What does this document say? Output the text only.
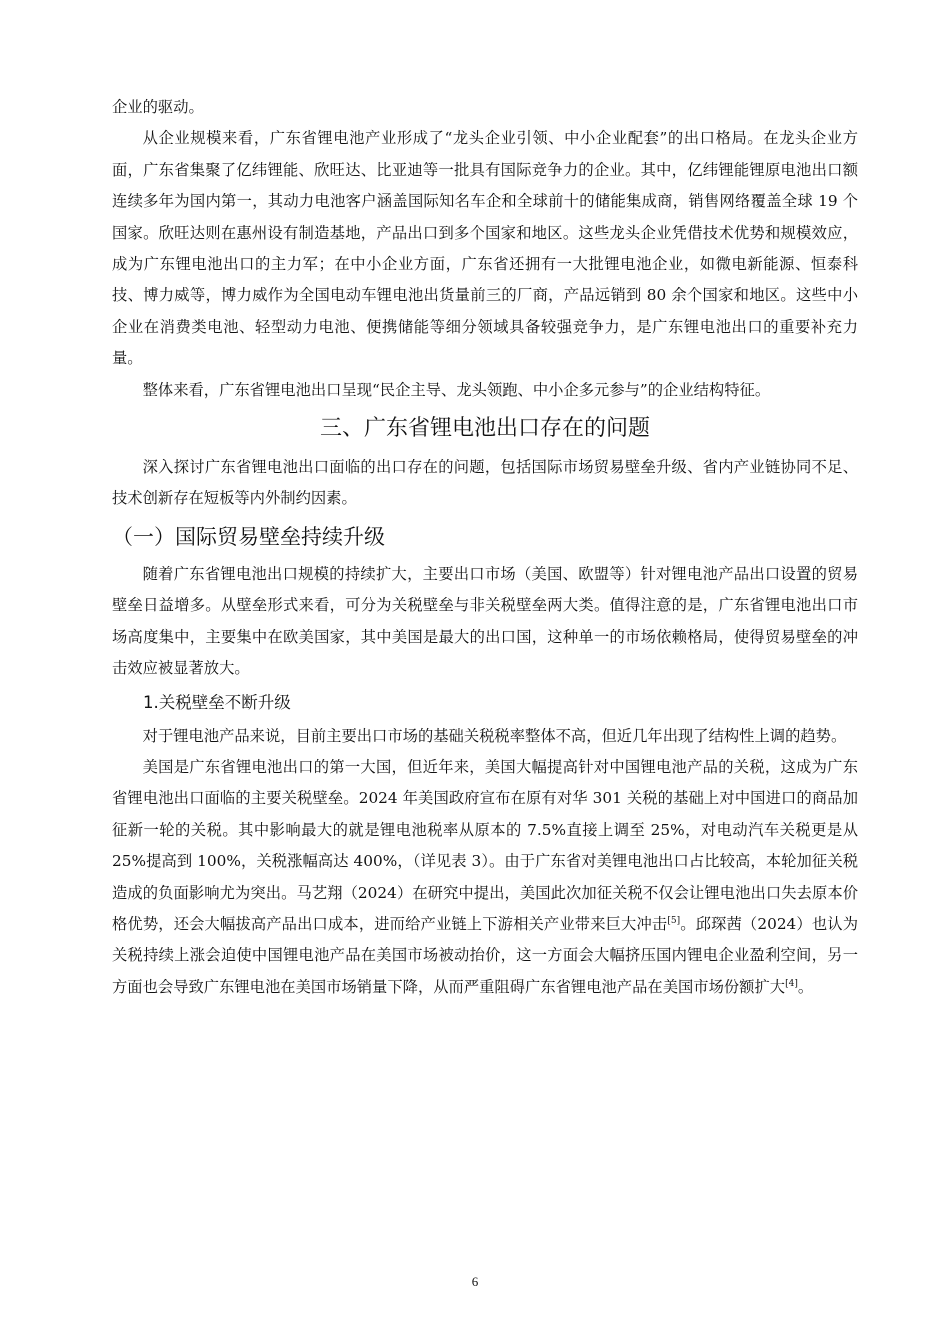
企业的驱动。

从企业规模来看，广东省锂电池产业形成了“龙头企业引领、中小企业配套”的出口格局。在龙头企业方面，广东省集聚了亿纬锂能、欣旺达、比亚迪等一批具有国际竞争力的企业。其中，亿纬锂能锂原电池出口额连续多年为国内第一，其动力电池客户涵盖国际知名车企和全球前十的储能集成商，销售网络覆盖全球 19 个国家。欣旺达则在惠州设有制造基地，产品出口到多个国家和地区。这些龙头企业凭借技术优势和规模效应，成为广东锂电池出口的主力军；在中小企业方面，广东省还拥有一大批锂电池企业，如微电新能源、恒泰科技、博力威等，博力威作为全国电动车锂电池出货量前三的厂商，产品远销到 80 余个国家和地区。这些中小企业在消费类电池、轻型动力电池、便携储能等细分领域具备较强竞争力，是广东锂电池出口的重要补充力量。

整体来看，广东省锂电池出口呈现“民企主导、龙头领跑、中小企多元参与”的企业结构特征。

三、广东省锂电池出口存在的问题

深入探讨广东省锂电池出口面临的出口存在的问题，包括国际市场贸易壁垒升级、省内产业链协同不足、技术创新存在短板等内外制约因素。

（一）国际贸易壁垒持续升级

随着广东省锂电池出口规模的持续扩大，主要出口市场（美国、欧盟等）针对锂电池产品出口设置的贸易壁垒日益增多。从壁垒形式来看，可分为关税壁垒与非关税壁垒两大类。值得注意的是，广东省锂电池出口市场高度集中，主要集中在欧美国家，其中美国是最大的出口国，这种单一的市场依赖格局，使得贸易壁垒的冲击效应被显著放大。

1.关税壁垒不断升级

对于锂电池产品来说，目前主要出口市场的基础关税税率整体不高，但近几年出现了结构性上调的趋势。

美国是广东省锂电池出口的第一大国，但近年来，美国大幅提高针对中国锂电池产品的关税，这成为广东省锂电池出口面临的主要关税壁垒。2024 年美国政府宣布在原有对华 301 关税的基础上对中国进口的商品加征新一轮的关税。其中影响最大的就是锂电池税率从原本的 7.5%直接上调至 25%，对电动汽车关税更是从 25%提高到 100%，关税涨幅高达 400%，（详见表 3）。由于广东省对美锂电池出口占比较高，本轮加征关税造成的负面影响尤为突出。马艺翔（2024）在研究中提出，美国此次加征关税不仅会让锂电池出口失去原本价格优势，还会大幅拔高产品出口成本，进而给产业链上下游相关产业带来巨大冲击[5]。邱琛茜（2024）也认为关税持续上涨会迫使中国锂电池产品在美国市场被动抬价，这一方面会大幅挤压国内锂电企业盈利空间，另一方面也会导致广东锂电池在美国市场销量下降，从而严重阻碍广东省锂电池产品在美国市场份额扩大[4]。

6
